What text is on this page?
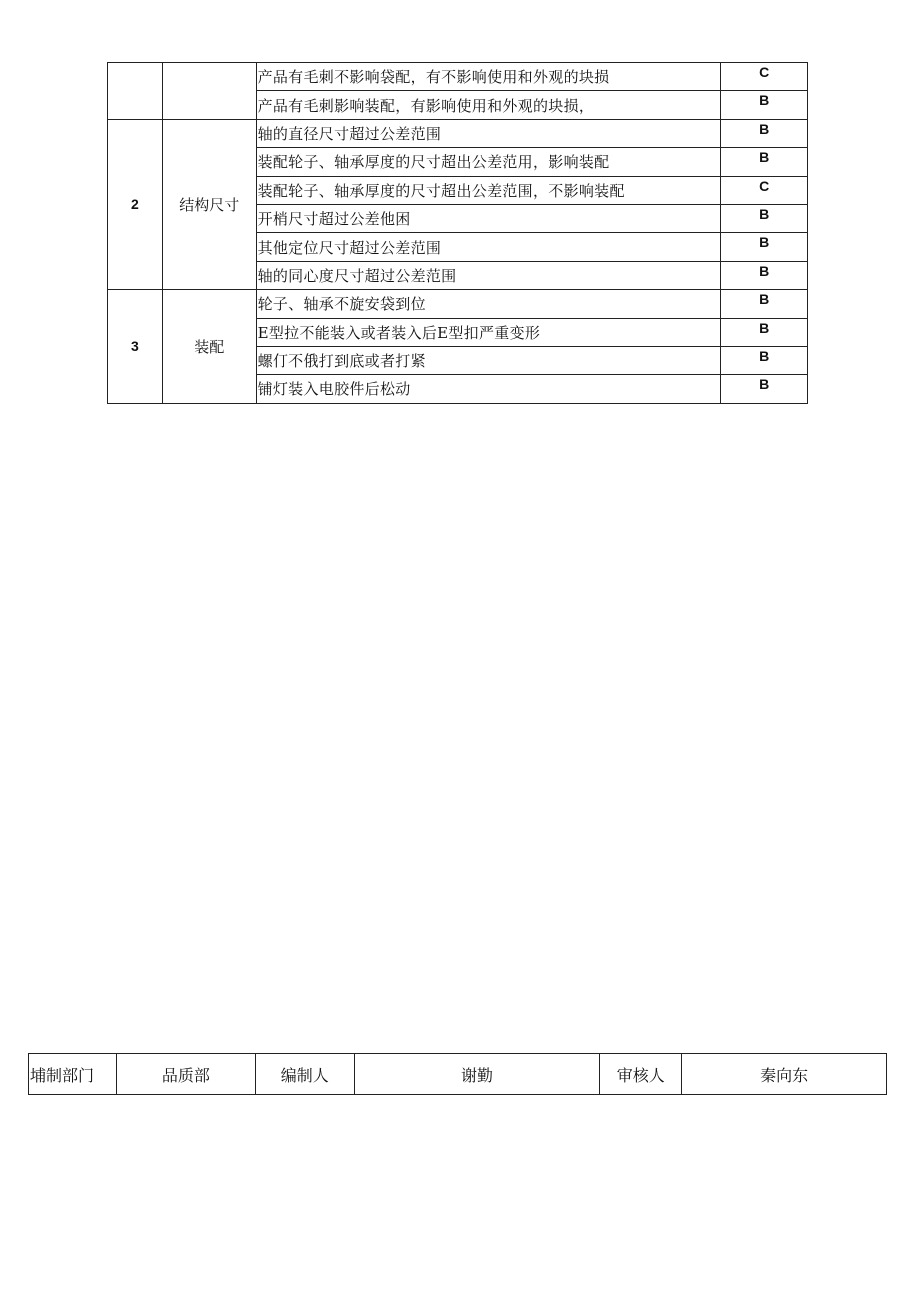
		产品有毛刺不影响袋配，有不影响使用和外观的块损	C
		产品有毛刺影响装配，有影响使用和外观的块损，	B
2	结构尺寸	轴的直径尺寸超过公差范围	B
		装配轮子、轴承厚度的尺寸超出公差范用，影响装配	B
		装配轮子、轴承厚度的尺寸超出公差范围，不影响装配	C
		开梢尺寸超过公差他困	B
		其他定位尺寸超过公差范围	B
		轴的同心度尺寸超过公差范围	B
3	装配	轮子、轴承不旋安袋到位	B
		E型拉不能装入或者装入后E型扣严重变形	B
		螺仃不俄打到底或者打紧	B
		铺灯装入电胶件后松动	B
埔制部门	品质部	编制人	谢勤	审核人	秦向东
